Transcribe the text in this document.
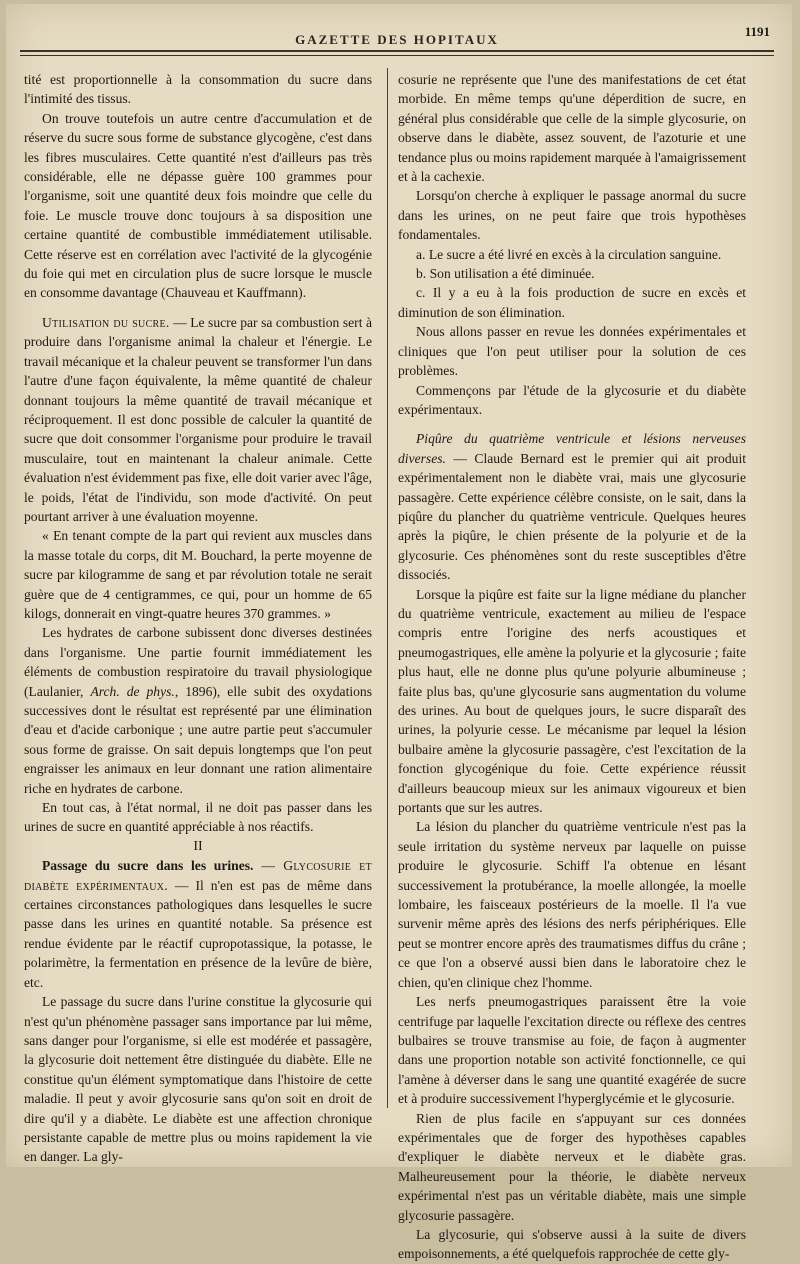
GAZETTE DES HOPITAUX
1191

tité est proportionnelle à la consommation du sucre dans l'intimité des tissus.

On trouve toutefois un autre centre d'accumulation et de réserve du sucre sous forme de substance glycogène, c'est dans les fibres musculaires. Cette quantité n'est d'ailleurs pas très considérable, elle ne dépasse guère 100 grammes pour l'organisme, soit une quantité deux fois moindre que celle du foie. Le muscle trouve donc toujours à sa disposition une certaine quantité de combustible immédiatement utilisable. Cette réserve est en corrélation avec l'activité de la glycogénie du foie qui met en circulation plus de sucre lorsque le muscle en consomme davantage (Chauveau et Kauffmann).

Utilisation du sucre. — Le sucre par sa combustion sert à produire dans l'organisme animal la chaleur et l'énergie. Le travail mécanique et la chaleur peuvent se transformer l'un dans l'autre d'une façon équivalente, la même quantité de chaleur donnant toujours la même quantité de travail mécanique et réciproquement. Il est donc possible de calculer la quantité de sucre que doit consommer l'organisme pour produire le travail musculaire, tout en maintenant la chaleur animale. Cette évaluation n'est évidemment pas fixe, elle doit varier avec l'âge, le poids, l'état de l'individu, son mode d'activité. On peut pourtant arriver à une évaluation moyenne.

« En tenant compte de la part qui revient aux muscles dans la masse totale du corps, dit M. Bouchard, la perte moyenne de sucre par kilogramme de sang et par révolution totale ne serait guère que de 4 centigrammes, ce qui, pour un homme de 65 kilogs, donnerait en vingt-quatre heures 370 grammes. »

Les hydrates de carbone subissent donc diverses destinées dans l'organisme. Une partie fournit immédiatement les éléments de combustion respiratoire du travail physiologique (Laulanier, Arch. de phys., 1896), elle subit des oxydations successives dont le résultat est représenté par une élimination d'eau et d'acide carbonique ; une autre partie peut s'accumuler sous forme de graisse. On sait depuis longtemps que l'on peut engraisser les animaux en leur donnant une ration alimentaire riche en hydrates de carbone.

En tout cas, à l'état normal, il ne doit pas passer dans les urines de sucre en quantité appréciable à nos réactifs.

II

Passage du sucre dans les urines. — Glycosurie et diabète expérimentaux. — Il n'en est pas de même dans certaines circonstances pathologiques dans lesquelles le sucre passe dans les urines en quantité notable. Sa présence est rendue évidente par le réactif cupropotassique, la potasse, le polarimètre, la fermentation en présence de la levûre de bière, etc.

Le passage du sucre dans l'urine constitue la glycosurie qui n'est qu'un phénomène passager sans importance par lui même, sans danger pour l'organisme, si elle est modérée et passagère, la glycosurie doit nettement être distinguée du diabète. Elle ne constitue qu'un élément symptomatique dans l'histoire de cette maladie. Il peut y avoir glycosurie sans qu'on soit en droit de dire qu'il y a diabète. Le diabète est une affection chronique persistante capable de mettre plus ou moins rapidement la vie en danger. La gly-

cosurie ne représente que l'une des manifestations de cet état morbide. En même temps qu'une déperdition de sucre, en général plus considérable que celle de la simple glycosurie, on observe dans le diabète, assez souvent, de l'azoturie et une tendance plus ou moins rapidement marquée à l'amaigrissement et à la cachexie.

Lorsqu'on cherche à expliquer le passage anormal du sucre dans les urines, on ne peut faire que trois hypothèses fondamentales.

a. Le sucre a été livré en excès à la circulation sanguine.

b. Son utilisation a été diminuée.

c. Il y a eu à la fois production de sucre en excès et diminution de son élimination.

Nous allons passer en revue les données expérimentales et cliniques que l'on peut utiliser pour la solution de ces problèmes.

Commençons par l'étude de la glycosurie et du diabète expérimentaux.

Piqûre du quatrième ventricule et lésions nerveuses diverses. — Claude Bernard est le premier qui ait produit expérimentalement non le diabète vrai, mais une glycosurie passagère. Cette expérience célèbre consiste, on le sait, dans la piqûre du plancher du quatrième ventricule. Quelques heures après la piqûre, le chien présente de la polyurie et de la glycosurie. Ces phénomènes sont du reste susceptibles d'être dissociés.

Lorsque la piqûre est faite sur la ligne médiane du plancher du quatrième ventricule, exactement au milieu de l'espace compris entre l'origine des nerfs acoustiques et pneumogastriques, elle amène la polyurie et la glycosurie ; faite plus haut, elle ne donne plus qu'une polyurie albumineuse ; faite plus bas, qu'une glycosurie sans augmentation du volume des urines. Au bout de quelques jours, le sucre disparaît des urines, la polyurie cesse. Le mécanisme par lequel la lésion bulbaire amène la glycosurie passagère, c'est l'excitation de la fonction glycogénique du foie. Cette expérience réussit d'ailleurs beaucoup mieux sur les animaux vigoureux et bien portants que sur les autres.

La lésion du plancher du quatrième ventricule n'est pas la seule irritation du système nerveux par laquelle on puisse produire le glycosurie. Schiff l'a obtenue en lésant successivement la protubérance, la moelle allongée, la moelle lombaire, les faisceaux postérieurs de la moelle. Il l'a vue survenir même après des lésions des nerfs périphériques. Elle peut se montrer encore après des traumatismes diffus du crâne ; ce que l'on a observé aussi bien dans le laboratoire chez le chien, qu'en clinique chez l'homme.

Les nerfs pneumogastriques paraissent être la voie centrifuge par laquelle l'excitation directe ou réflexe des centres bulbaires se trouve transmise au foie, de façon à augmenter dans une proportion notable son activité fonctionnelle, ce qui l'amène à déverser dans le sang une quantité exagérée de sucre et à produire successivement l'hyperglycémie et le glycosurie.

Rien de plus facile en s'appuyant sur ces données expérimentales que de forger des hypothèses capables d'expliquer le diabète nerveux et le diabète gras. Malheureusement pour la théorie, le diabète nerveux expérimental n'est pas un véritable diabète, mais une simple glycosurie passagère.

La glycosurie, qui s'observe aussi à la suite de divers empoisonnements, a été quelquefois rapprochée de cette gly-
